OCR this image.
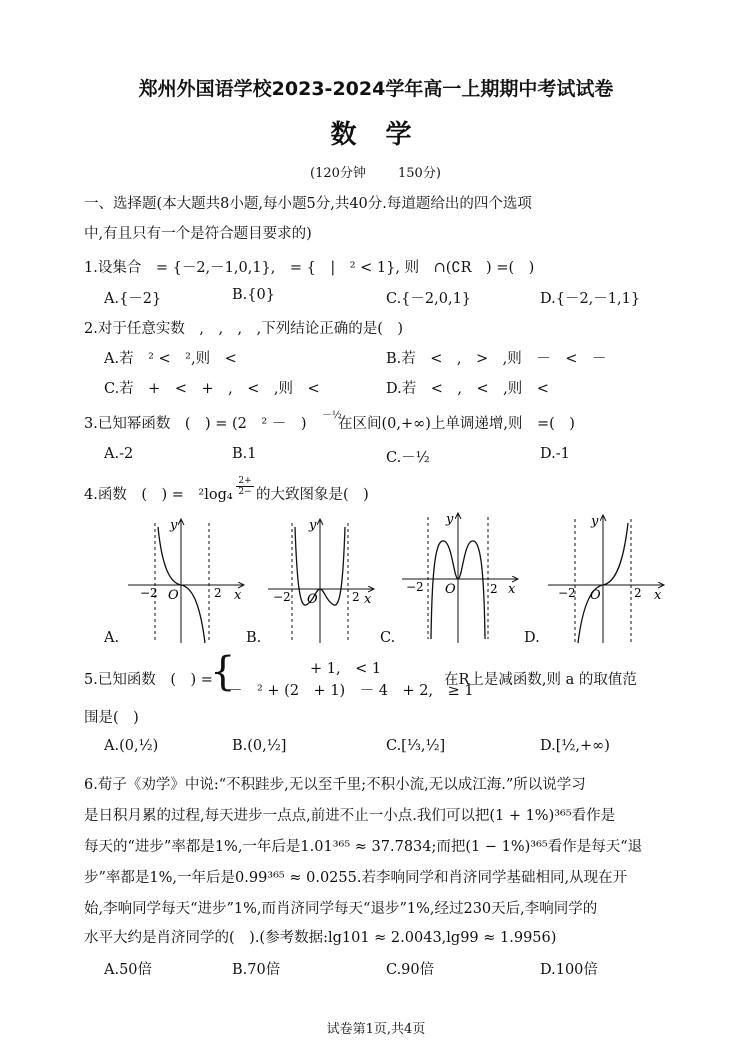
郑州外国语学校2023-2024学年高一上期期中考试试卷
数 学
(120分钟 150分)
一、选择题(本大题共8小题,每小题5分,共40分.每道题给出的四个选项
中,有且只有一个是符合题目要求的)
1.设集合　= {－2,－1,0,1},　= {　|　² < 1}, 则　∩(∁R　) =(　)
A.{－2}	B.{0}	C.{－2,0,1}	D.{－2,－1,1}
2.对于任意实数　,　,　,　,下列结论正确的是(　)
A.若　² <　²,则　<	B.若　<　,　>　,则　－　<　－
C.若　+　<　+　,　<　,则　<	D.若　<　,　<　,则　<
3.已知幂函数　(　) = (2　² －　)
－½
在区间(0,+∞)上单调递增,则　=(　)
A.-2	B.1	C.－½	D.-1
4.函数　(　) =　$^2\log_4 \frac{2+}{2-}$ 的大致图象是(　)
−2	2
O	x
y
−2	2
O	x
y
−2	2
O	x
y
−2	2
O	x
y
A.	B.	C.	D.
5.已知函数　(　) =
{	+ 1,　< 1
－　² + (2　+ 1)　－ 4　+ 2,　≥ 1
在R上是减函数,则 a 的取值范
围是(　)
A.(0,½)	B.(0,½]	C.[⅓,½]	D.[½,+∞)
6.荀子《劝学》中说:“不积跬步,无以至千里;不积小流,无以成江海.”所以说学习
是日积月累的过程,每天进步一点点,前进不止一小点.我们可以把(1 + 1%)³⁶⁵看作是
每天的“进步”率都是1%,一年后是1.01³⁶⁵ ≈ 37.7834;而把(1 − 1%)³⁶⁵看作是每天“退
步”率都是1%,一年后是0.99³⁶⁵ ≈ 0.0255.若李响同学和肖济同学基础相同,从现在开
始,李响同学每天“进步”1%,而肖济同学每天“退步”1%,经过230天后,李响同学的
水平大约是肖济同学的(　).(参考数据:lg101 ≈ 2.0043,lg99 ≈ 1.9956)
A.50倍	B.70倍	C.90倍	D.100倍
试卷第1页,共4页
